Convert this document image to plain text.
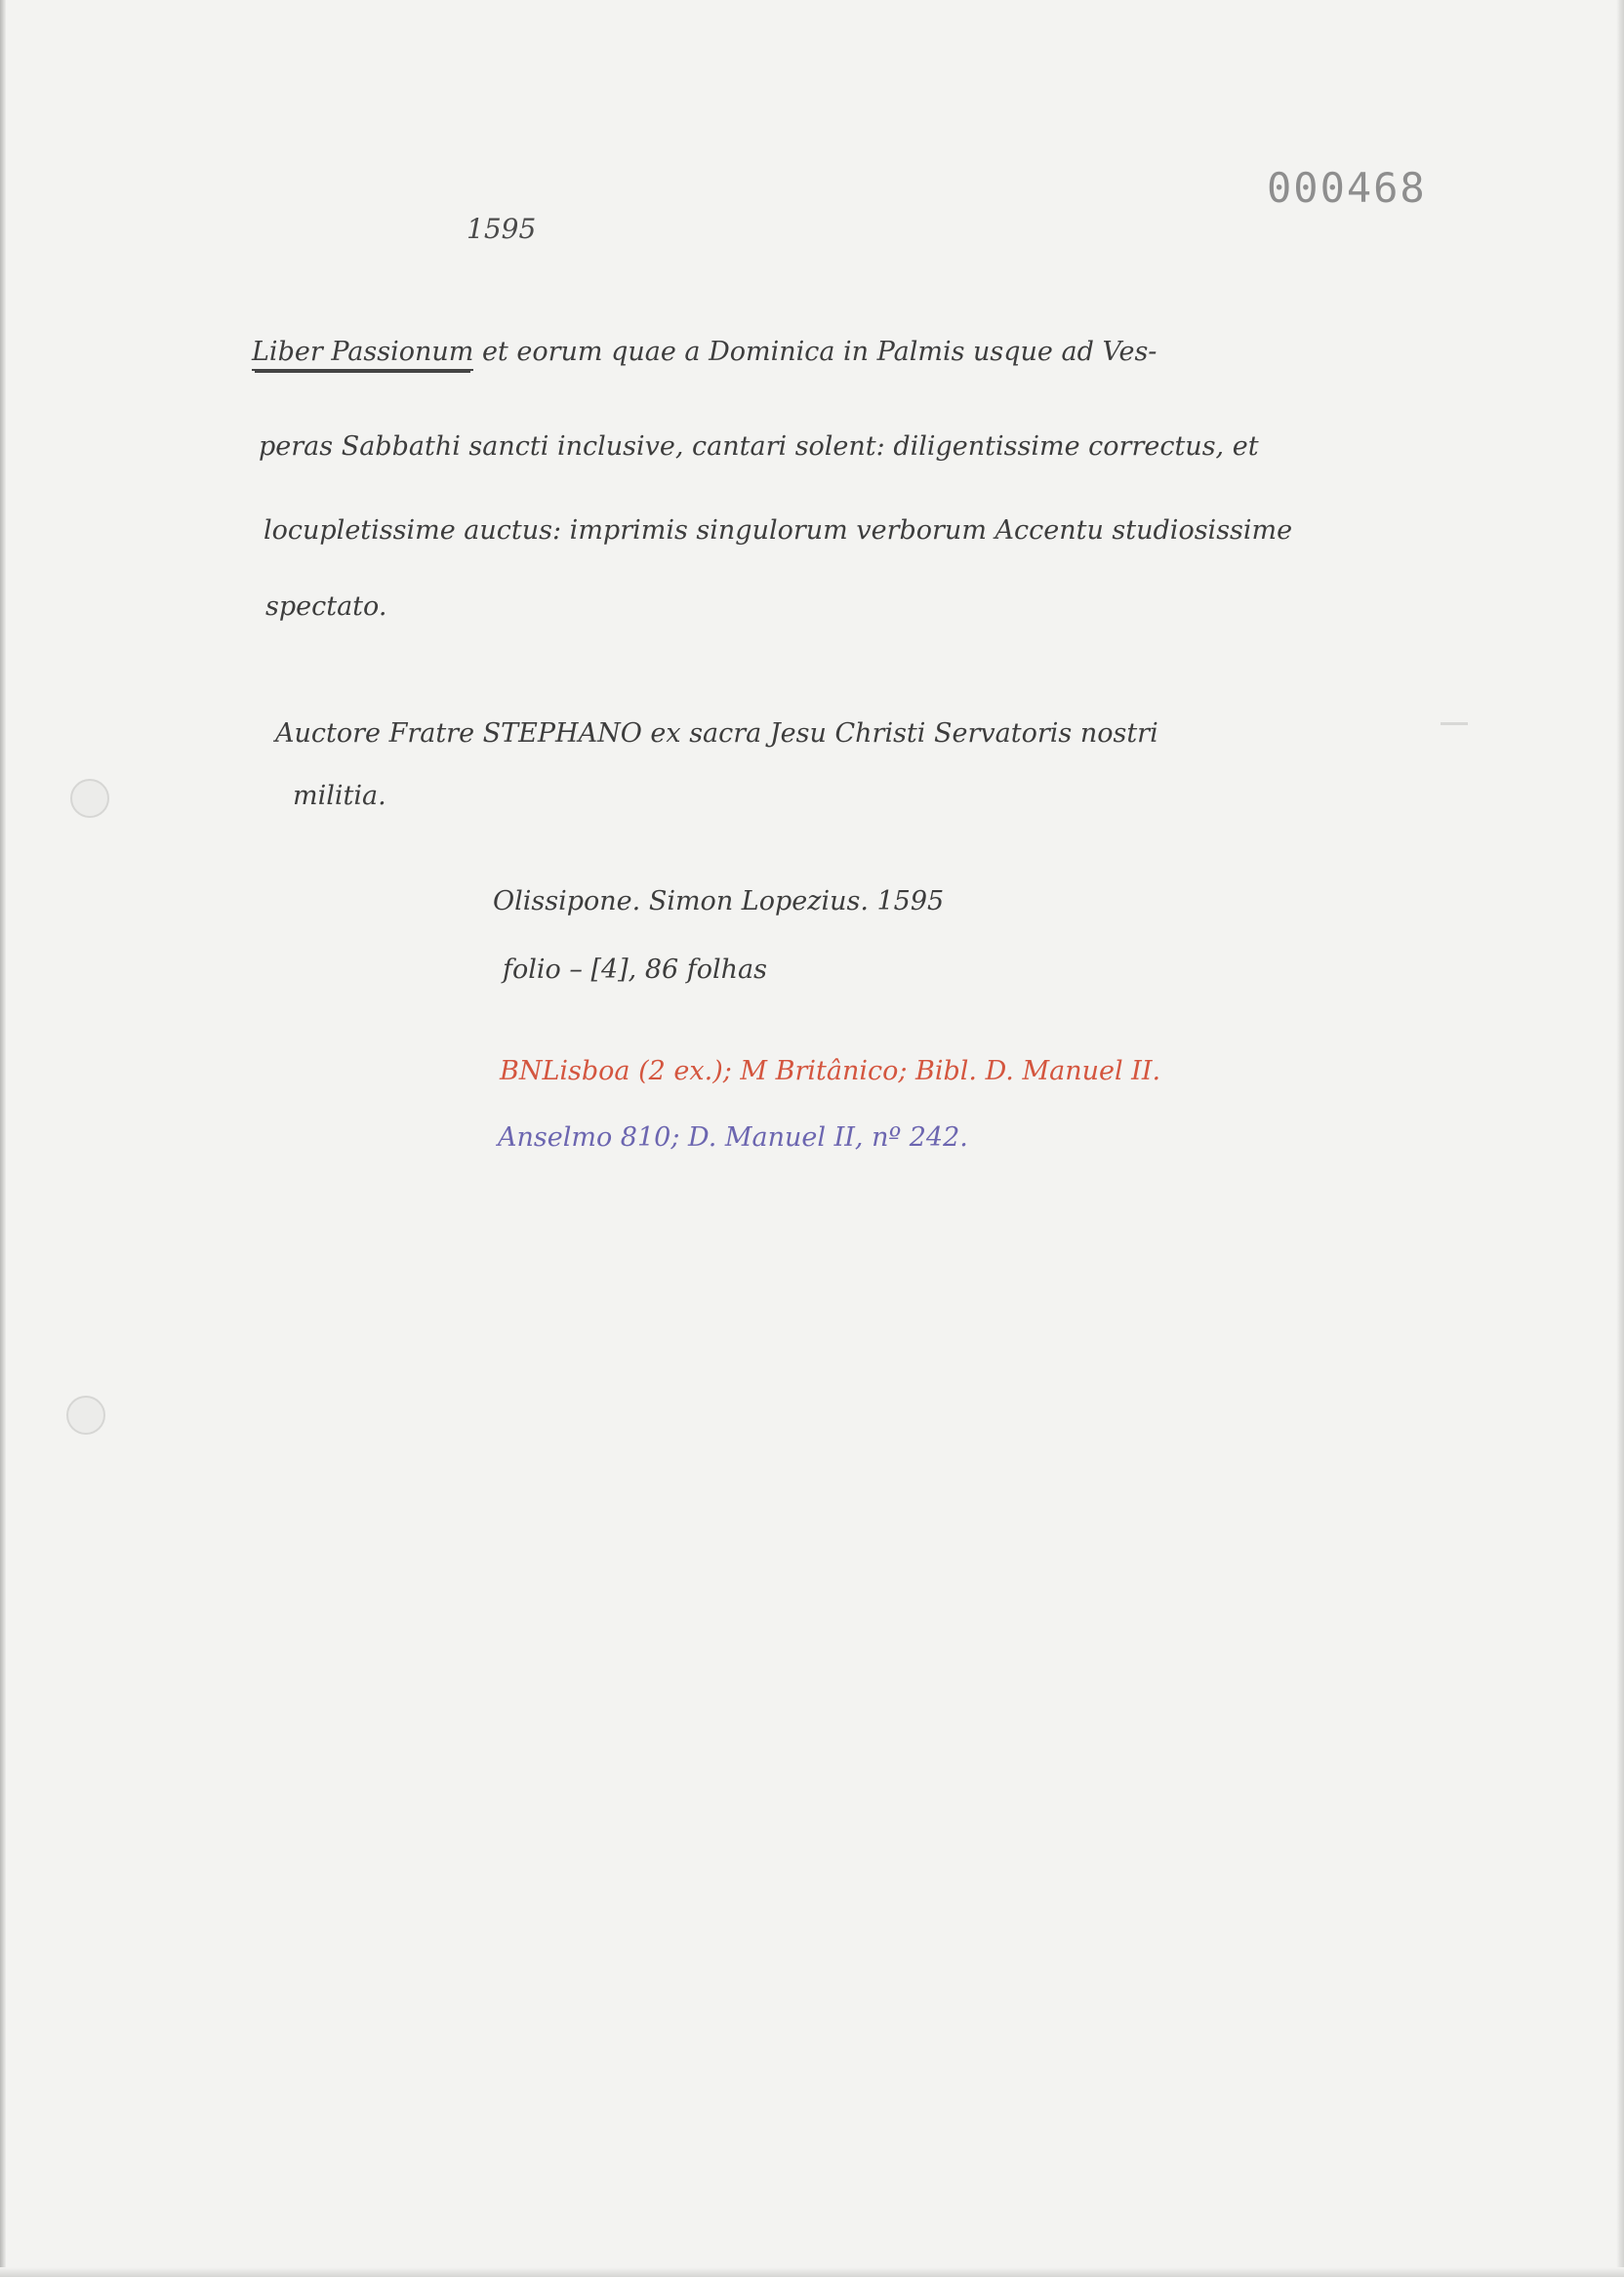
000468
1595
Liber Passionum et eorum quae a Dominica in Palmis usque ad Ves-
peras Sabbathi sancti inclusive, cantari solent: diligentissime correctus, et
locupletissime auctus: imprimis singulorum verborum Accentu studiosissime
spectato.
Auctore Fratre STEPHANO ex sacra Jesu Christi Servatoris nostri
militia.
Olissipone. Simon Lopezius. 1595
folio – [4], 86 folhas
BNLisboa (2 ex.); M Britânico; Bibl. D. Manuel II.
Anselmo 810; D. Manuel II, nº 242.
